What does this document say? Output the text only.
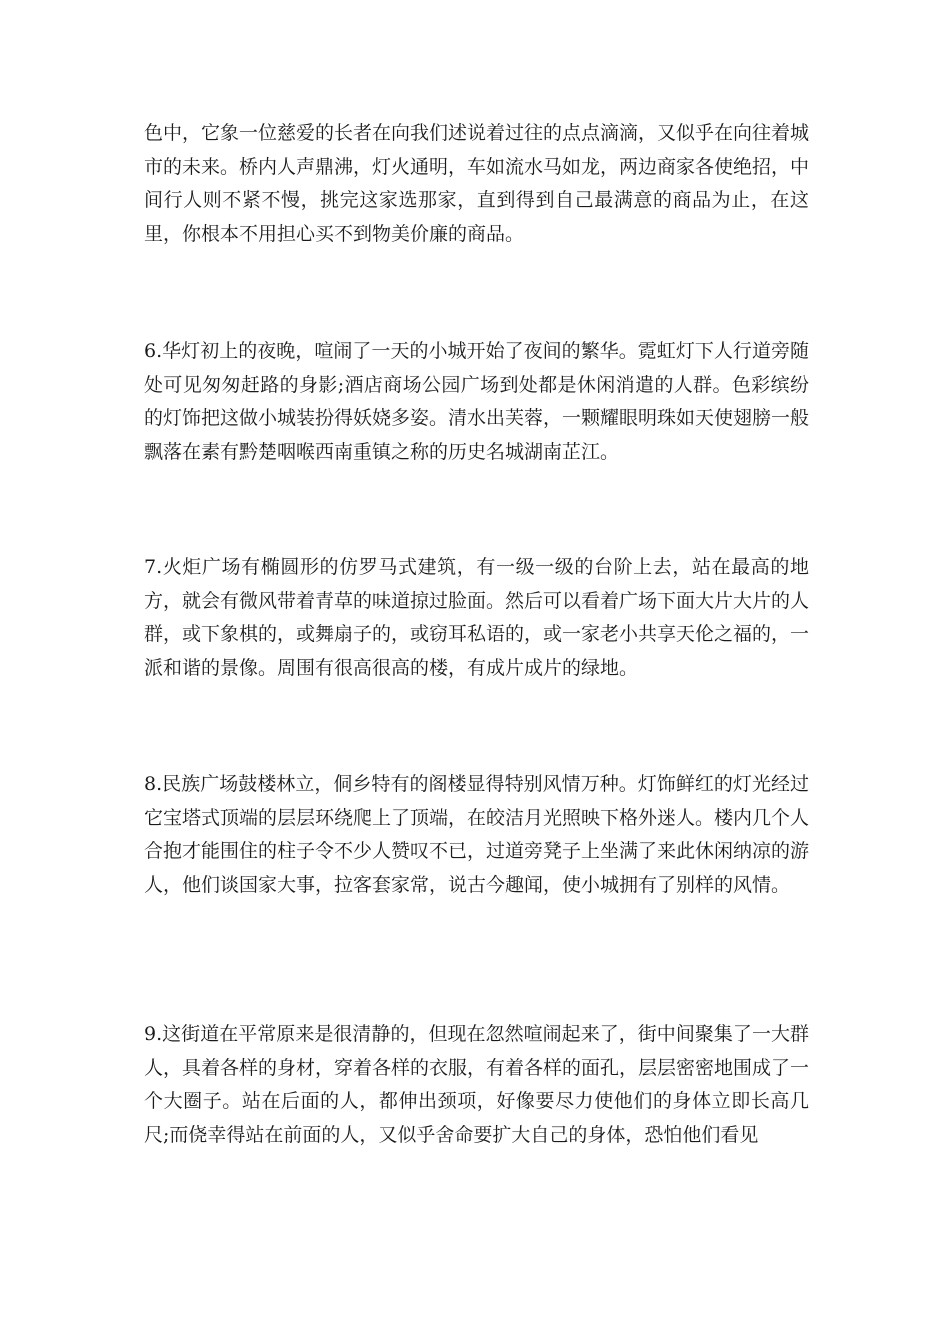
色中，它象一位慈爱的长者在向我们述说着过往的点点滴滴，又似乎在向往着城市的未来。桥内人声鼎沸，灯火通明，车如流水马如龙，两边商家各使绝招，中间行人则不紧不慢，挑完这家选那家，直到得到自己最满意的商品为止，在这里，你根本不用担心买不到物美价廉的商品。

6.华灯初上的夜晚，喧闹了一天的小城开始了夜间的繁华。霓虹灯下人行道旁随处可见匆匆赶路的身影;酒店商场公园广场到处都是休闲消遣的人群。色彩缤纷的灯饰把这做小城装扮得妖娆多姿。清水出芙蓉，一颗耀眼明珠如天使翅膀一般飘落在素有黔楚咽喉西南重镇之称的历史名城湖南芷江。

7.火炬广场有椭圆形的仿罗马式建筑，有一级一级的台阶上去，站在最高的地方，就会有微风带着青草的味道掠过脸面。然后可以看着广场下面大片大片的人群，或下象棋的，或舞扇子的，或窃耳私语的，或一家老小共享天伦之福的，一派和谐的景像。周围有很高很高的楼，有成片成片的绿地。

8.民族广场鼓楼林立，侗乡特有的阁楼显得特别风情万种。灯饰鲜红的灯光经过它宝塔式顶端的层层环绕爬上了顶端，在皎洁月光照映下格外迷人。楼内几个人合抱才能围住的柱子令不少人赞叹不已，过道旁凳子上坐满了来此休闲纳凉的游人，他们谈国家大事，拉客套家常，说古今趣闻，使小城拥有了别样的风情。

9.这街道在平常原来是很清静的，但现在忽然喧闹起来了，街中间聚集了一大群人，具着各样的身材，穿着各样的衣服，有着各样的面孔，层层密密地围成了一个大圈子。站在后面的人，都伸出颈项，好像要尽力使他们的身体立即长高几尺;而侥幸得站在前面的人，又似乎舍命要扩大自己的身体，恐怕他们看见
